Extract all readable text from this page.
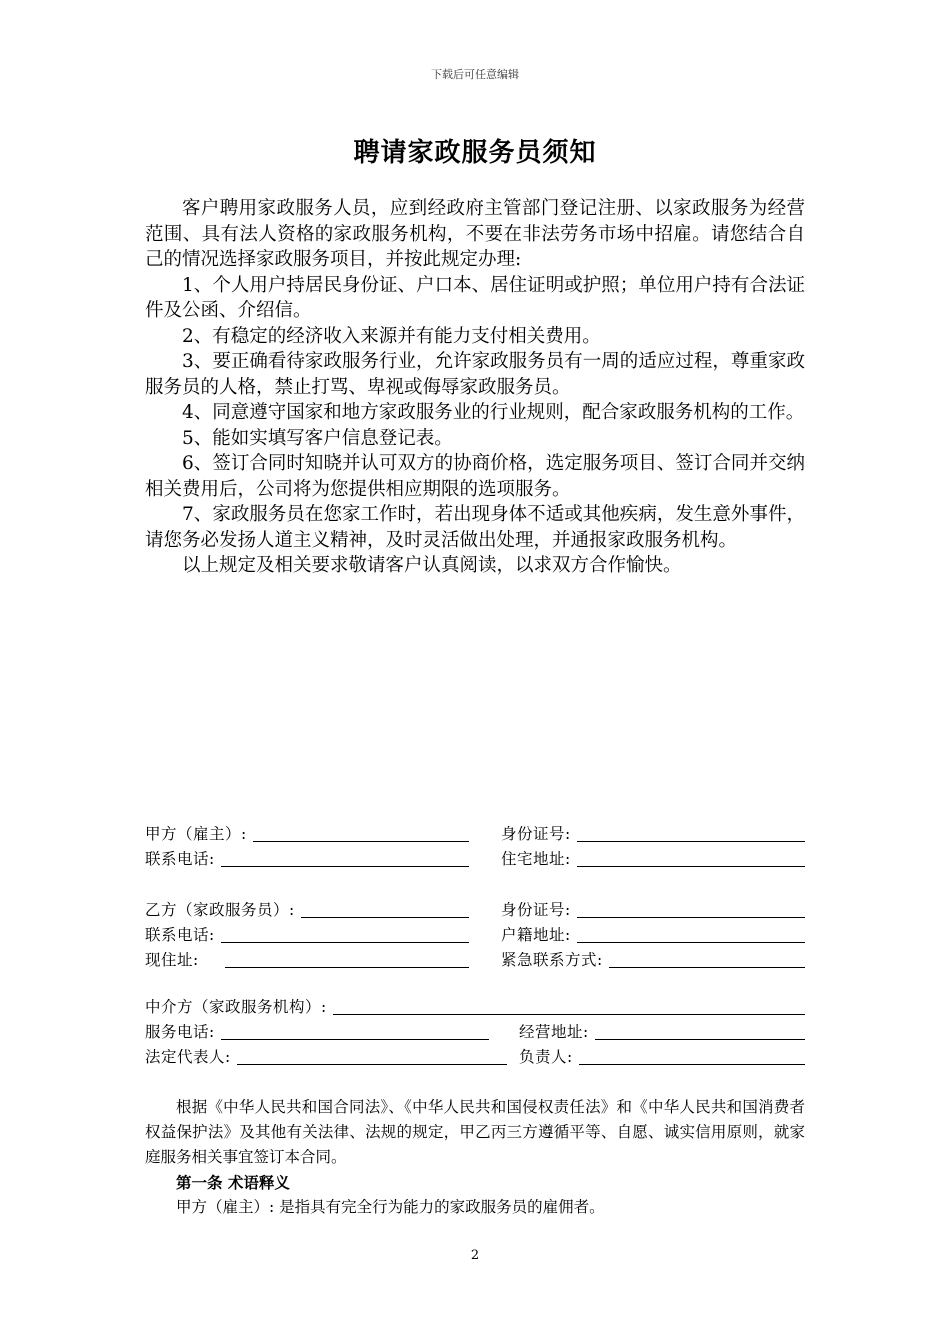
下载后可任意编辑
聘请家政服务员须知

客户聘用家政服务人员，应到经政府主管部门登记注册、以家政服务为经营范围、具有法人资格的家政服务机构，不要在非法劳务市场中招雇。请您结合自己的情况选择家政服务项目，并按此规定办理:

1、个人用户持居民身份证、户口本、居住证明或护照；单位用户持有合法证件及公函、介绍信。

2、有稳定的经济收入来源并有能力支付相关费用。

3、要正确看待家政服务行业，允许家政服务员有一周的适应过程，尊重家政服务员的人格，禁止打骂、卑视或侮辱家政服务员。

4、同意遵守国家和地方家政服务业的行业规则，配合家政服务机构的工作。

5、能如实填写客户信息登记表。

6、签订合同时知晓并认可双方的协商价格，选定服务项目、签订合同并交纳相关费用后，公司将为您提供相应期限的选项服务。

7、家政服务员在您家工作时，若出现身体不适或其他疾病，发生意外事件，请您务必发扬人道主义精神，及时灵活做出处理，并通报家政服务机构。

以上规定及相关要求敬请客户认真阅读，以求双方合作愉快。

甲方（雇主）:	身份证号:
联系电话:	住宅地址:
乙方（家政服务员）:	身份证号:
联系电话:	户籍地址:
现住址:	紧急联系方式:
中介方（家政服务机构）:
服务电话:	经营地址:
法定代表人:	负责人:

根据《中华人民共和国合同法》、《中华人民共和国侵权责任法》和《中华人民共和国消费者权益保护法》及其他有关法律、法规的规定，甲乙丙三方遵循平等、自愿、诚实信用原则，就家庭服务相关事宜签订本合同。

第一条 术语释义

甲方（雇主）: 是指具有完全行为能力的家政服务员的雇佣者。

2
